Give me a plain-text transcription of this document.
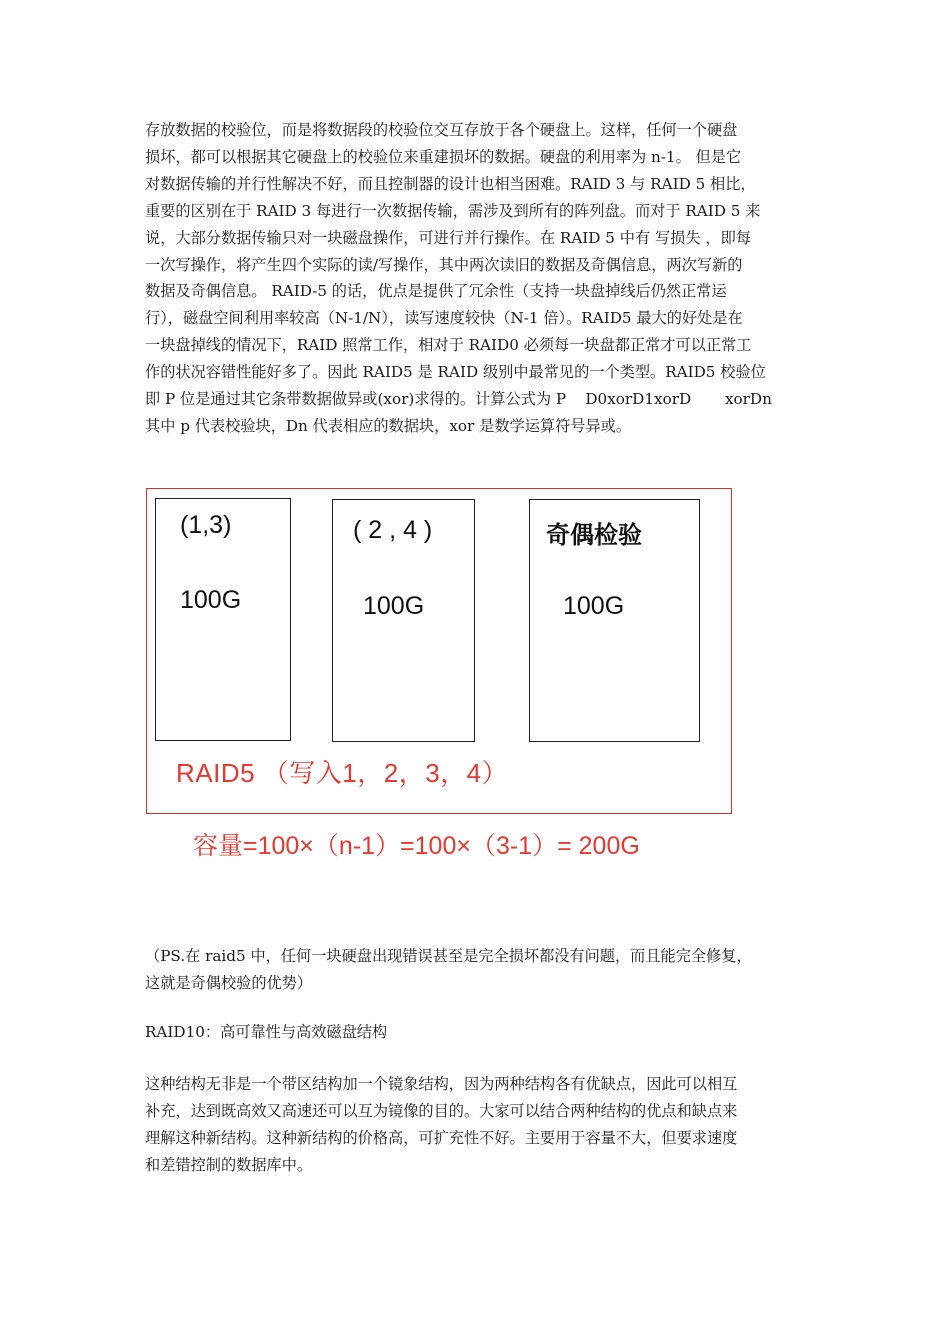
存放数据的校验位，而是将数据段的校验位交互存放于各个硬盘上。这样，任何一个硬盘
损坏，都可以根据其它硬盘上的校验位来重建损坏的数据。硬盘的利用率为 n-1。 但是它
对数据传输的并行性解决不好，而且控制器的设计也相当困难。RAID 3 与 RAID 5 相比，
重要的区别在于 RAID 3 每进行一次数据传输，需涉及到所有的阵列盘。而对于 RAID 5 来
说，大部分数据传输只对一块磁盘操作，可进行并行操作。在 RAID 5 中有 写损失 ，即每
一次写操作，将产生四个实际的读/写操作，其中两次读旧的数据及奇偶信息，两次写新的
数据及奇偶信息。 RAID-5 的话，优点是提供了冗余性（支持一块盘掉线后仍然正常运
行），磁盘空间利用率较高（N-1/N），读写速度较快（N-1 倍）。RAID5 最大的好处是在
一块盘掉线的情况下，RAID 照常工作，相对于 RAID0 必须每一块盘都正常才可以正常工
作的状况容错性能好多了。因此 RAID5 是 RAID 级别中最常见的一个类型。RAID5 校验位
即 P 位是通过其它条带数据做异或(xor)求得的。计算公式为 P    D0xorD1xorD       xorDn
其中 p 代表校验块，Dn 代表相应的数据块，xor 是数学运算符号异或。
(1,3)
100G
( 2 , 4 )
100G
奇偶检验
100G
RAID5 （写入1，2，3，4）
容量=100×（n-1）=100×（3-1）= 200G
（PS.在 raid5 中，任何一块硬盘出现错误甚至是完全损坏都没有问题，而且能完全修复，
这就是奇偶校验的优势）
RAID10：高可靠性与高效磁盘结构
这种结构无非是一个带区结构加一个镜象结构，因为两种结构各有优缺点，因此可以相互
补充，达到既高效又高速还可以互为镜像的目的。大家可以结合两种结构的优点和缺点来
理解这种新结构。这种新结构的价格高，可扩充性不好。主要用于容量不大，但要求速度
和差错控制的数据库中。
